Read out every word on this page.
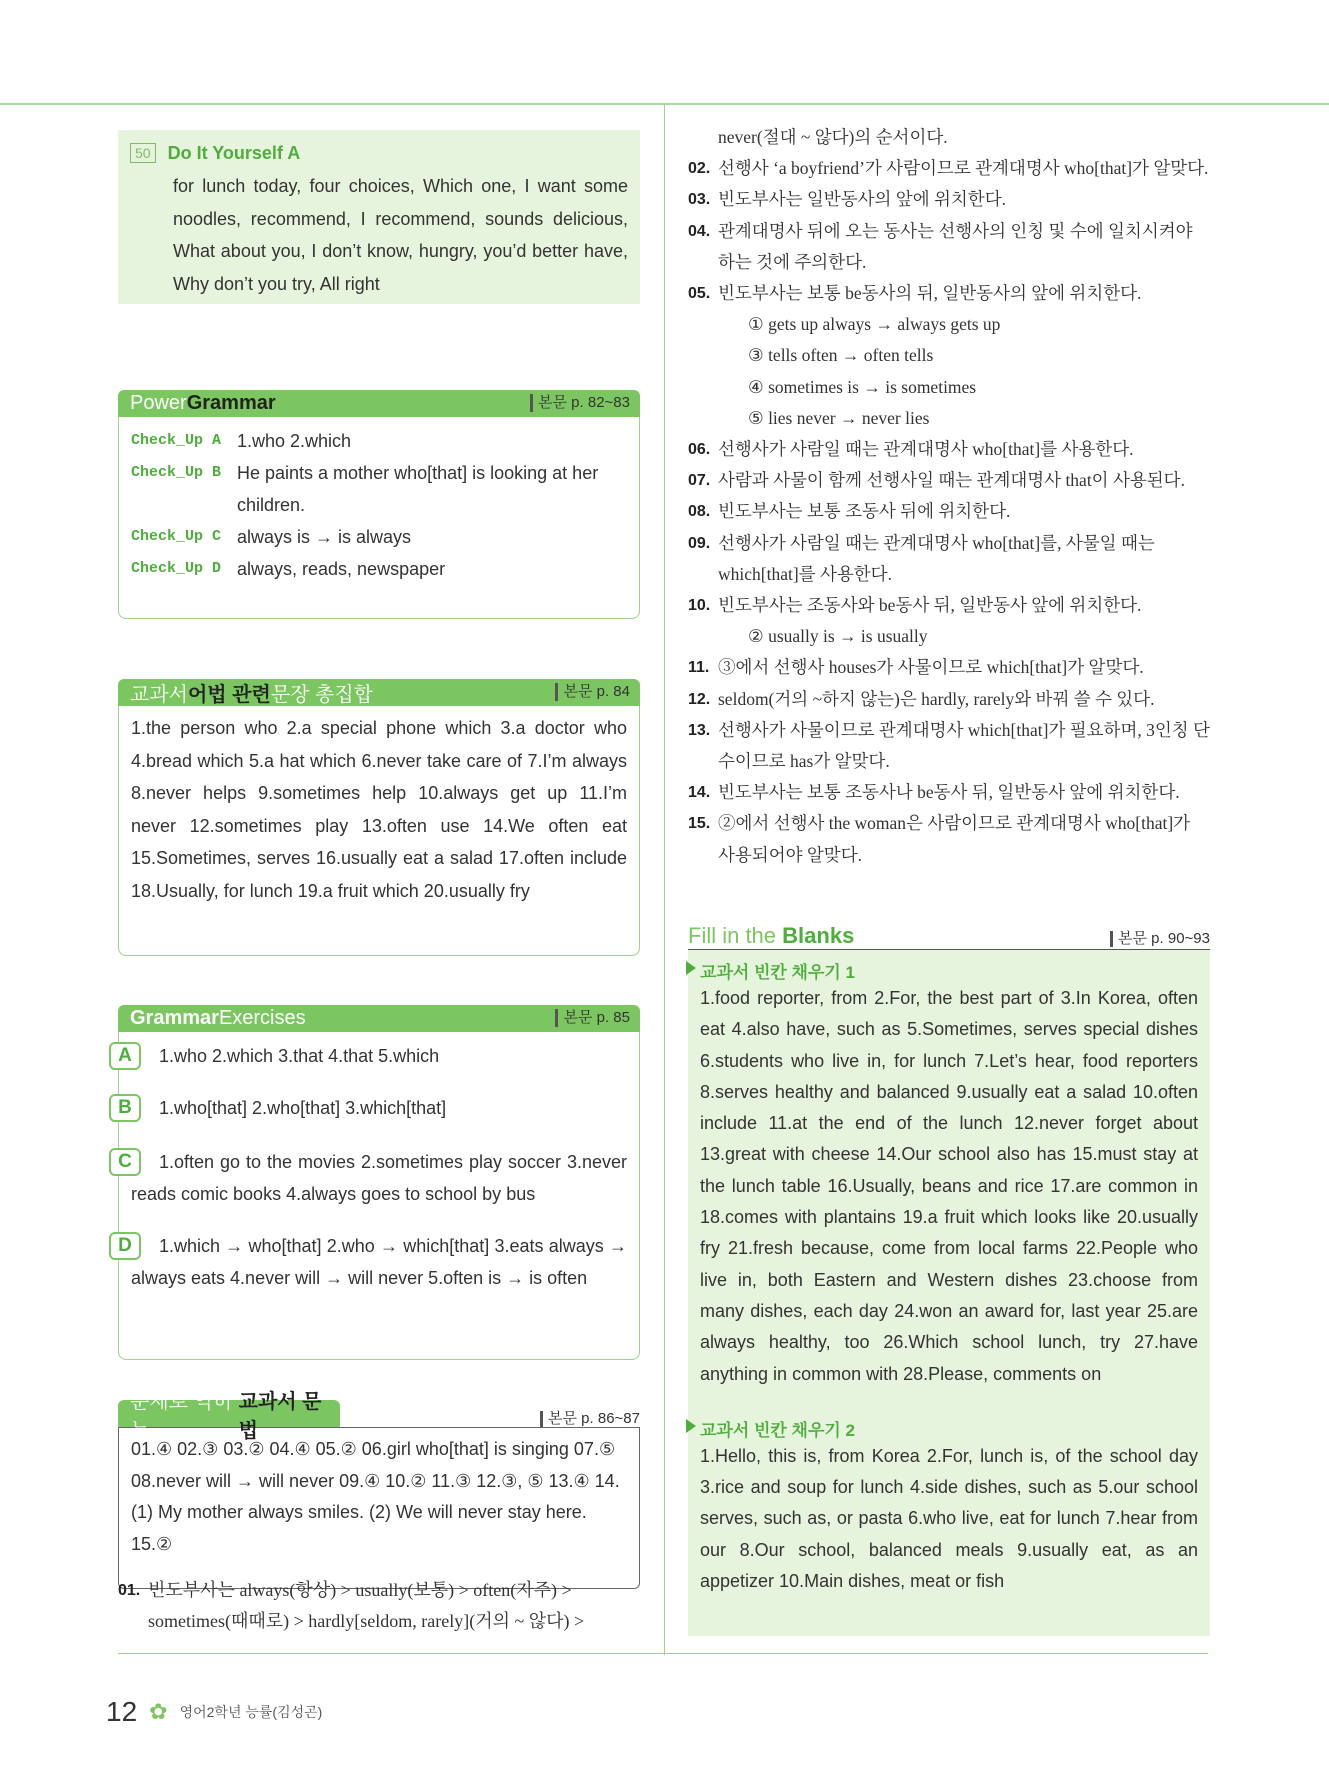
50 Do It Yourself A
for lunch today, four choices, Which one, I want some noodles, recommend, I recommend, sounds delicious, What about you, I don’t know, hungry, you’d better have, Why don’t you try, All right
Power Grammar	본문 p. 82~83
Check_Up A 1.who 2.which
Check_Up B He paints a mother who[that] is looking at her children.
Check_Up C always is → is always
Check_Up D always, reads, newspaper
교과서 어법 관련 문장 총집합	본문 p. 84
1.the person who 2.a special phone which 3.a doctor who 4.bread which 5.a hat which 6.never take care of 7.I’m always 8.never helps 9.sometimes help 10.always get up 11.I’m never 12.sometimes play 13.often use 14.We often eat 15.Sometimes, serves 16.usually eat a salad 17.often include 18.Usually, for lunch 19.a fruit which 20.usually fry
Grammar Exercises	본문 p. 85
A	1.who 2.which 3.that 4.that 5.which
B	1.who[that] 2.who[that] 3.which[that]
C	1.often go to the movies 2.sometimes play soccer 3.never reads comic books 4.always goes to school by bus
D	1.which → who[that] 2.who → which[that] 3.eats always → always eats 4.never will → will never 5.often is → is often
문제로 익히는
교과서 문법
본문 p. 86~87
01.④ 02.③ 03.② 04.④ 05.② 06.girl who[that] is singing 07.⑤ 08.never will → will never 09.④ 10.② 11.③ 12.③, ⑤ 13.④ 14.(1) My mother always smiles. (2) We will never stay here. 15.②
01. 빈도부사는 always(항상) > usually(보통) > often(자주) > sometimes(때때로) > hardly[seldom, rarely](거의 ~ 않다) >
never(절대 ~ 않다)의 순서이다.
02. 선행사 ‘a boyfriend’가 사람이므로 관계대명사 who[that]가 알맞다.
03. 빈도부사는 일반동사의 앞에 위치한다.
04. 관계대명사 뒤에 오는 동사는 선행사의 인칭 및 수에 일치시켜야 하는 것에 주의한다.
05. 빈도부사는 보통 be동사의 뒤, 일반동사의 앞에 위치한다.
① gets up always → always gets up
③ tells often → often tells
④ sometimes is → is sometimes
⑤ lies never → never lies
06. 선행사가 사람일 때는 관계대명사 who[that]를 사용한다.
07. 사람과 사물이 함께 선행사일 때는 관계대명사 that이 사용된다.
08. 빈도부사는 보통 조동사 뒤에 위치한다.
09. 선행사가 사람일 때는 관계대명사 who[that]를, 사물일 때는 which[that]를 사용한다.
10. 빈도부사는 조동사와 be동사 뒤, 일반동사 앞에 위치한다.
② usually is → is usually
11. ③에서 선행사 houses가 사물이므로 which[that]가 알맞다.
12. seldom(거의 ~하지 않는)은 hardly, rarely와 바꿔 쓸 수 있다.
13. 선행사가 사물이므로 관계대명사 which[that]가 필요하며, 3인칭 단수이므로 has가 알맞다.
14. 빈도부사는 보통 조동사나 be동사 뒤, 일반동사 앞에 위치한다.
15. ②에서 선행사 the woman은 사람이므로 관계대명사 who[that]가 사용되어야 알맞다.
Fill in the Blanks	본문 p. 90~93
교과서 빈칸 채우기 1
1.food reporter, from 2.For, the best part of 3.In Korea, often eat 4.also have, such as 5.Sometimes, serves special dishes 6.students who live in, for lunch 7.Let’s hear, food reporters 8.serves healthy and balanced 9.usually eat a salad 10.often include 11.at the end of the lunch 12.never forget about 13.great with cheese 14.Our school also has 15.must stay at the lunch table 16.Usually, beans and rice 17.are common in 18.comes with plantains 19.a fruit which looks like 20.usually fry 21.fresh because, come from local farms 22.People who live in, both Eastern and Western dishes 23.choose from many dishes, each day 24.won an award for, last year 25.are always healthy, too 26.Which school lunch, try 27.have anything in common with 28.Please, comments on
교과서 빈칸 채우기 2
1.Hello, this is, from Korea 2.For, lunch is, of the school day 3.rice and soup for lunch 4.side dishes, such as 5.our school serves, such as, or pasta 6.who live, eat for lunch 7.hear from our 8.Our school, balanced meals 9.usually eat, as an appetizer 10.Main dishes, meat or fish
12 ✿ 영어2학년 능률(김성곤)
